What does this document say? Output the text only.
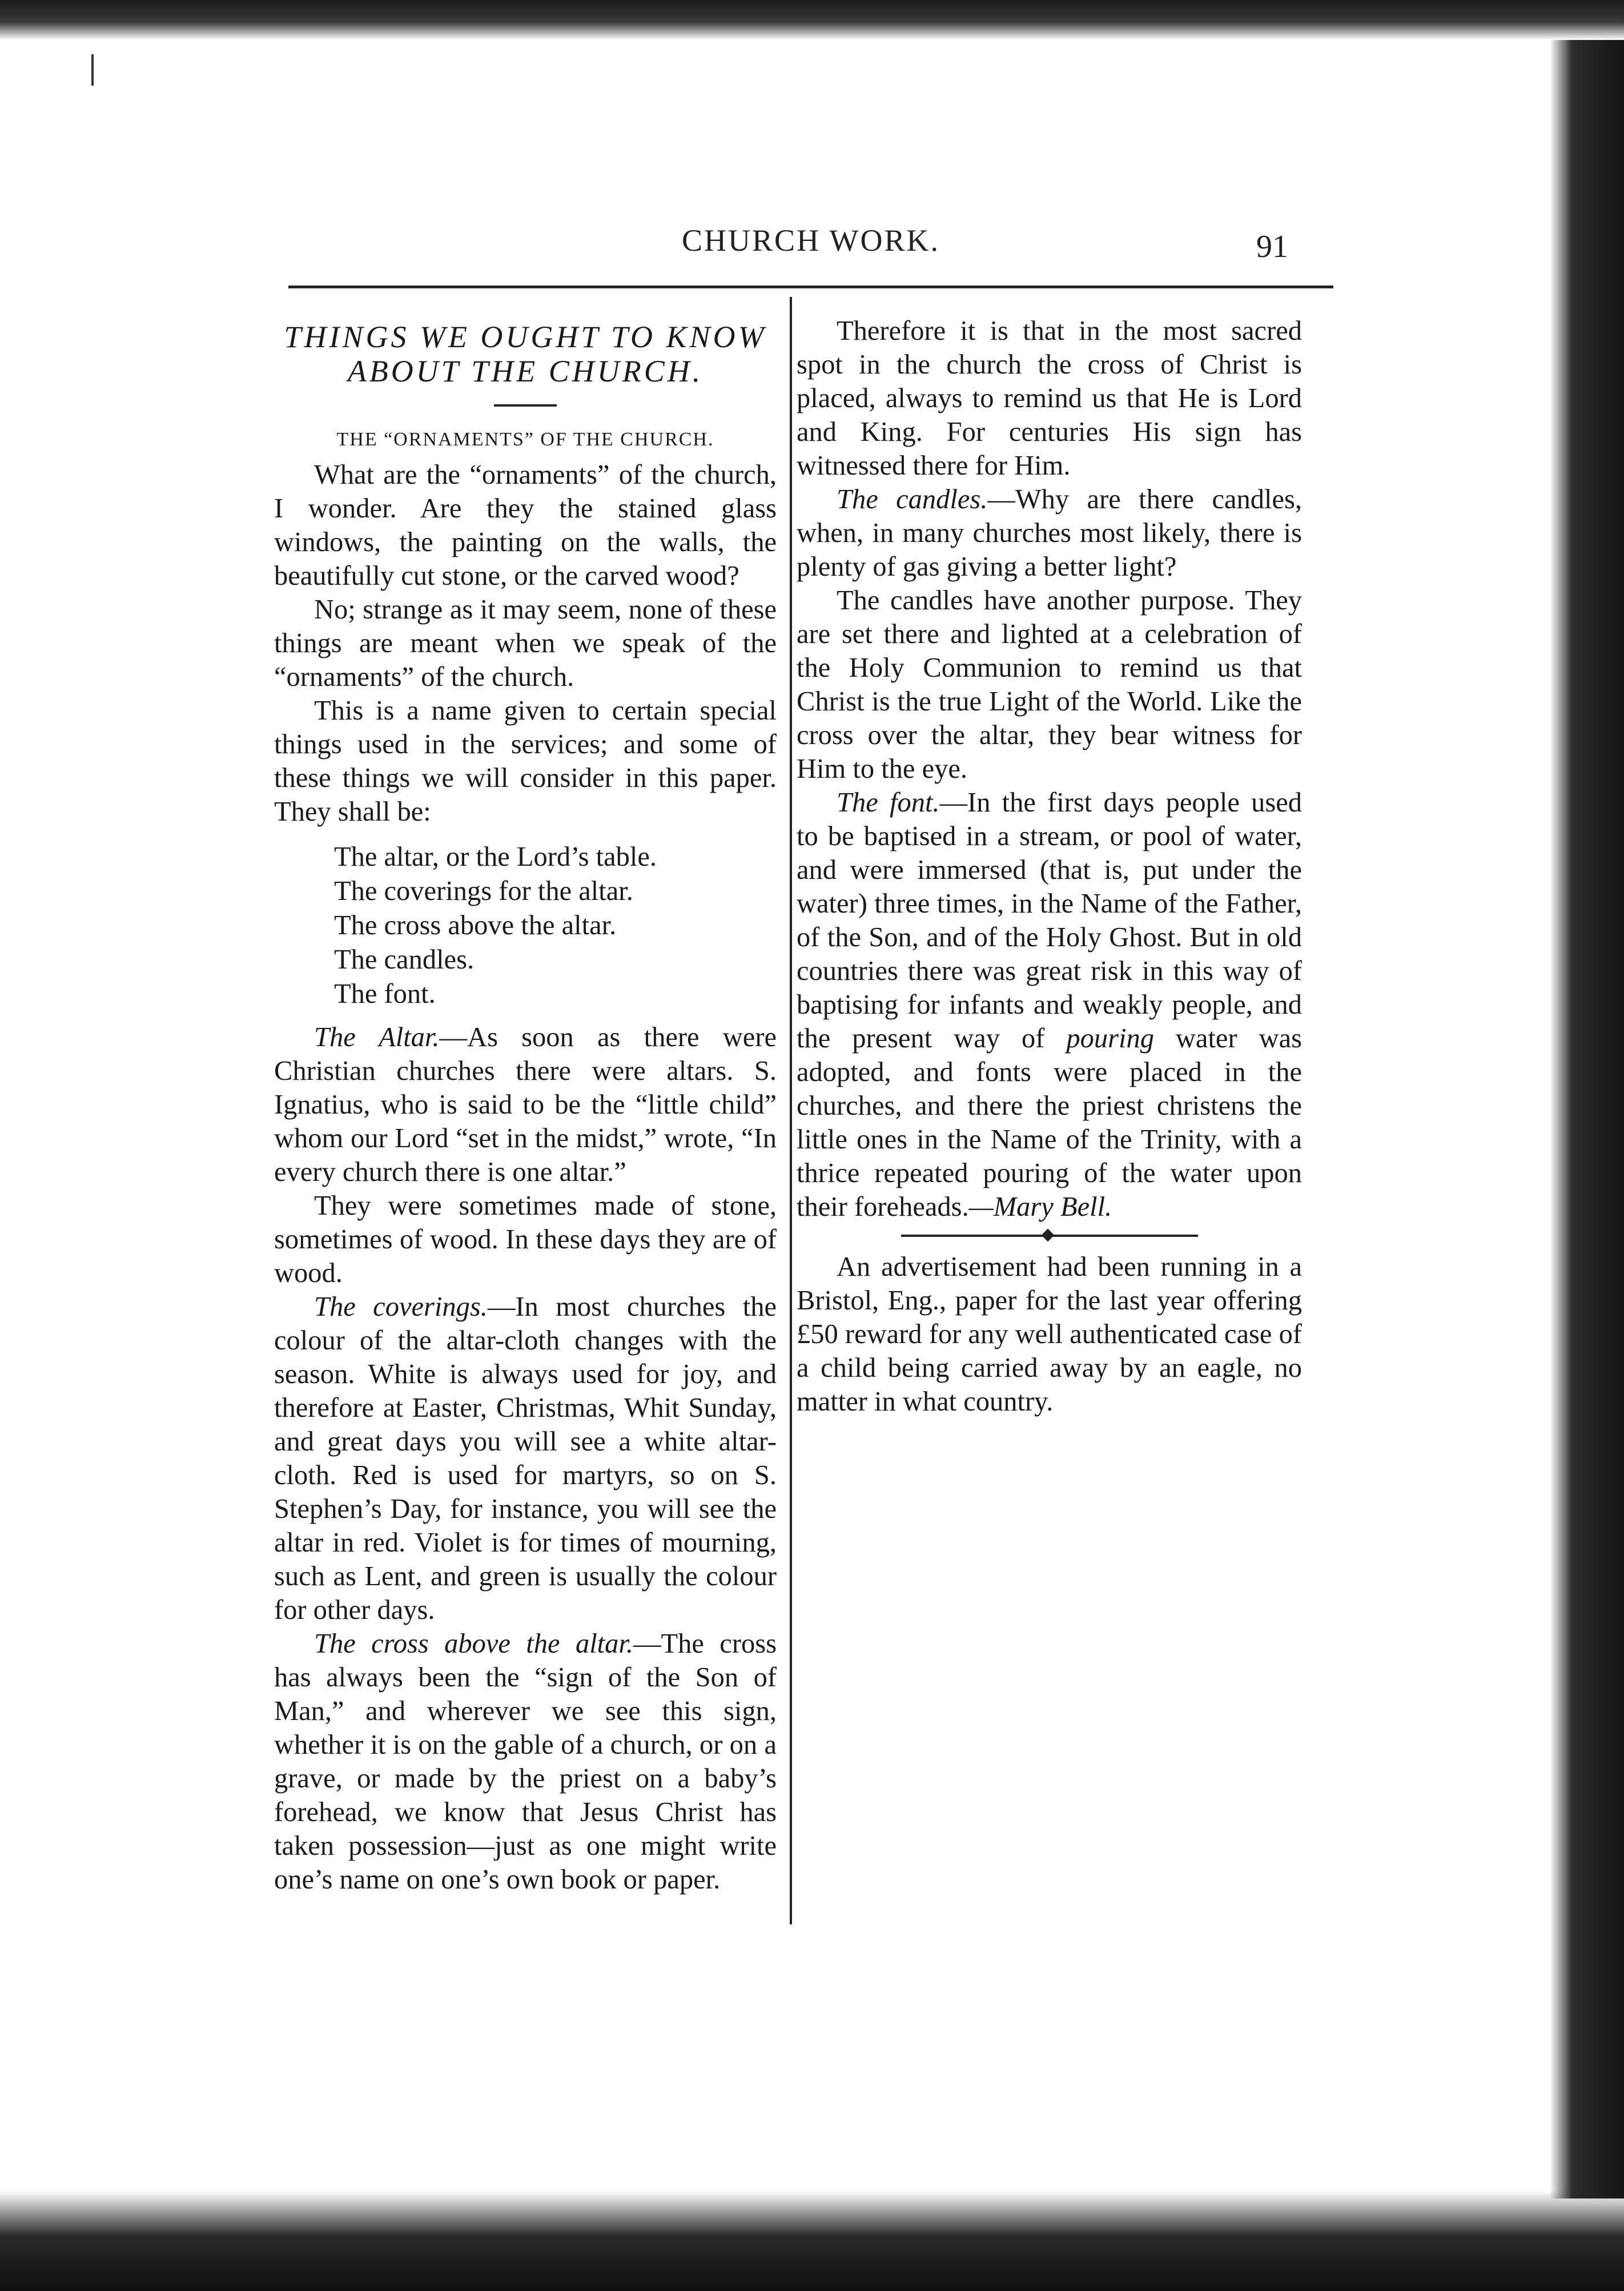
CHURCH WORK.	91
THINGS WE OUGHT TO KNOW ABOUT THE CHURCH.
THE “ORNAMENTS” OF THE CHURCH.

What are the “ornaments” of the church, I wonder. Are they the stained glass windows, the painting on the walls, the beautifully cut stone, or the carved wood?

No; strange as it may seem, none of these things are meant when we speak of the “ornaments” of the church.

This is a name given to certain special things used in the services; and some of these things we will consider in this paper. They shall be:

The altar, or the Lord’s table.
The coverings for the altar.
The cross above the altar.
The candles.
The font.

The Altar.—As soon as there were Christian churches there were altars. S. Ignatius, who is said to be the “little child” whom our Lord “set in the midst,” wrote, “In every church there is one altar.”

They were sometimes made of stone, sometimes of wood. In these days they are of wood.

The coverings.—In most churches the colour of the altar-cloth changes with the season. White is always used for joy, and therefore at Easter, Christmas, Whit Sunday, and great days you will see a white altar-cloth. Red is used for martyrs, so on S. Stephen’s Day, for instance, you will see the altar in red. Violet is for times of mourning, such as Lent, and green is usually the colour for other days.

The cross above the altar.—The cross has always been the “sign of the Son of Man,” and wherever we see this sign, whether it is on the gable of a church, or on a grave, or made by the priest on a baby’s forehead, we know that Jesus Christ has taken possession—just as one might write one’s name on one’s own book or paper.

Therefore it is that in the most sacred spot in the church the cross of Christ is placed, always to remind us that He is Lord and King. For centuries His sign has witnessed there for Him.

The candles.—Why are there candles, when, in many churches most likely, there is plenty of gas giving a better light?

The candles have another purpose. They are set there and lighted at a celebration of the Holy Communion to remind us that Christ is the true Light of the World. Like the cross over the altar, they bear witness for Him to the eye.

The font.—In the first days people used to be baptised in a stream, or pool of water, and were immersed (that is, put under the water) three times, in the Name of the Father, of the Son, and of the Holy Ghost. But in old countries there was great risk in this way of baptising for infants and weakly people, and the present way of pouring water was adopted, and fonts were placed in the churches, and there the priest christens the little ones in the Name of the Trinity, with a thrice repeated pouring of the water upon their foreheads.—Mary Bell.

An advertisement had been running in a Bristol, Eng., paper for the last year offering £50 reward for any well authenticated case of a child being carried away by an eagle, no matter in what country.
